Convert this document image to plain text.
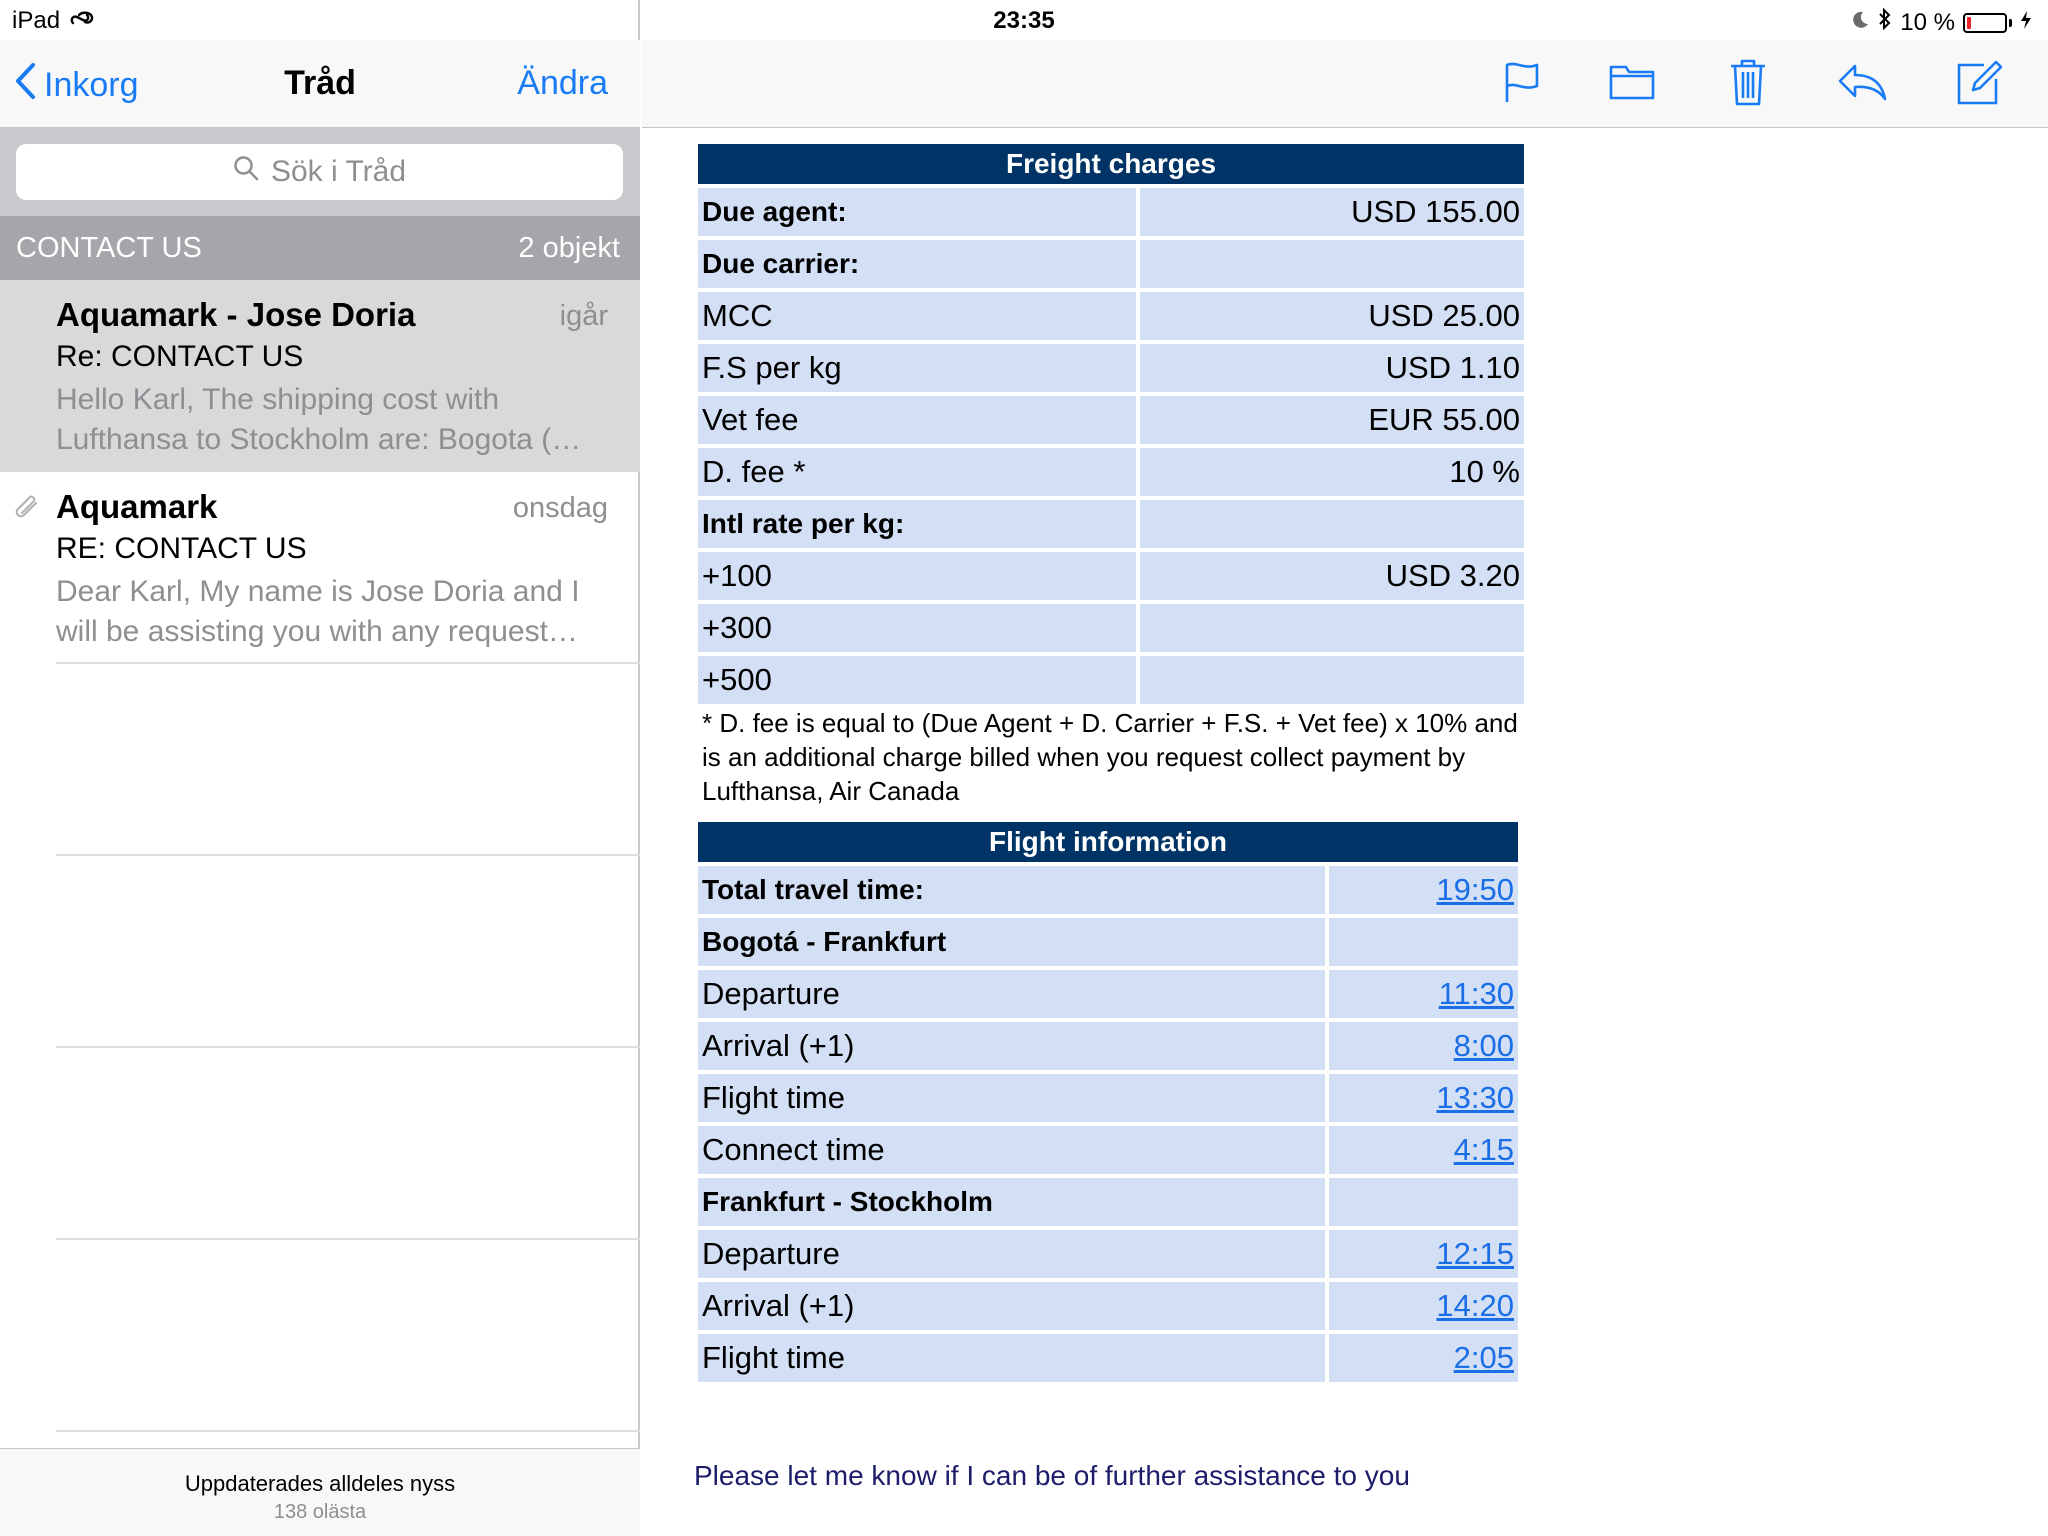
Inkorg	Tråd	Ändra
Sök i Tråd
CONTACT US	2 objekt
Aquamark - Jose Doria	igår
Re: CONTACT US
Hello Karl, The shipping cost with
Lufthansa to Stockholm are: Bogota (…
Aquamark	onsdag
RE: CONTACT US
Dear Karl, My name is Jose Doria and I
will be assisting you with any request…
Uppdaterades alldeles nyss
138 olästa
iPad	23:35	10 %
Freight charges	
Due agent:	USD 155.00
Due carrier:	
MCC	USD 25.00
F.S per kg	USD 1.10
Vet fee	EUR 55.00
D. fee *	10 %
Intl rate per kg:	
+100	USD 3.20
+300	
+500	
* D. fee is equal to (Due Agent + D. Carrier + F.S. + Vet fee) x 10% and is an additional charge billed when you request collect payment by Lufthansa, Air Canada
Flight information	
Total travel time:	19:50
Bogotá - Frankfurt	
Departure	11:30
Arrival (+1)	8:00
Flight time	13:30
Connect time	4:15
Frankfurt - Stockholm	
Departure	12:15
Arrival (+1)	14:20
Flight time	2:05
Please let me know if I can be of further assistance to you
